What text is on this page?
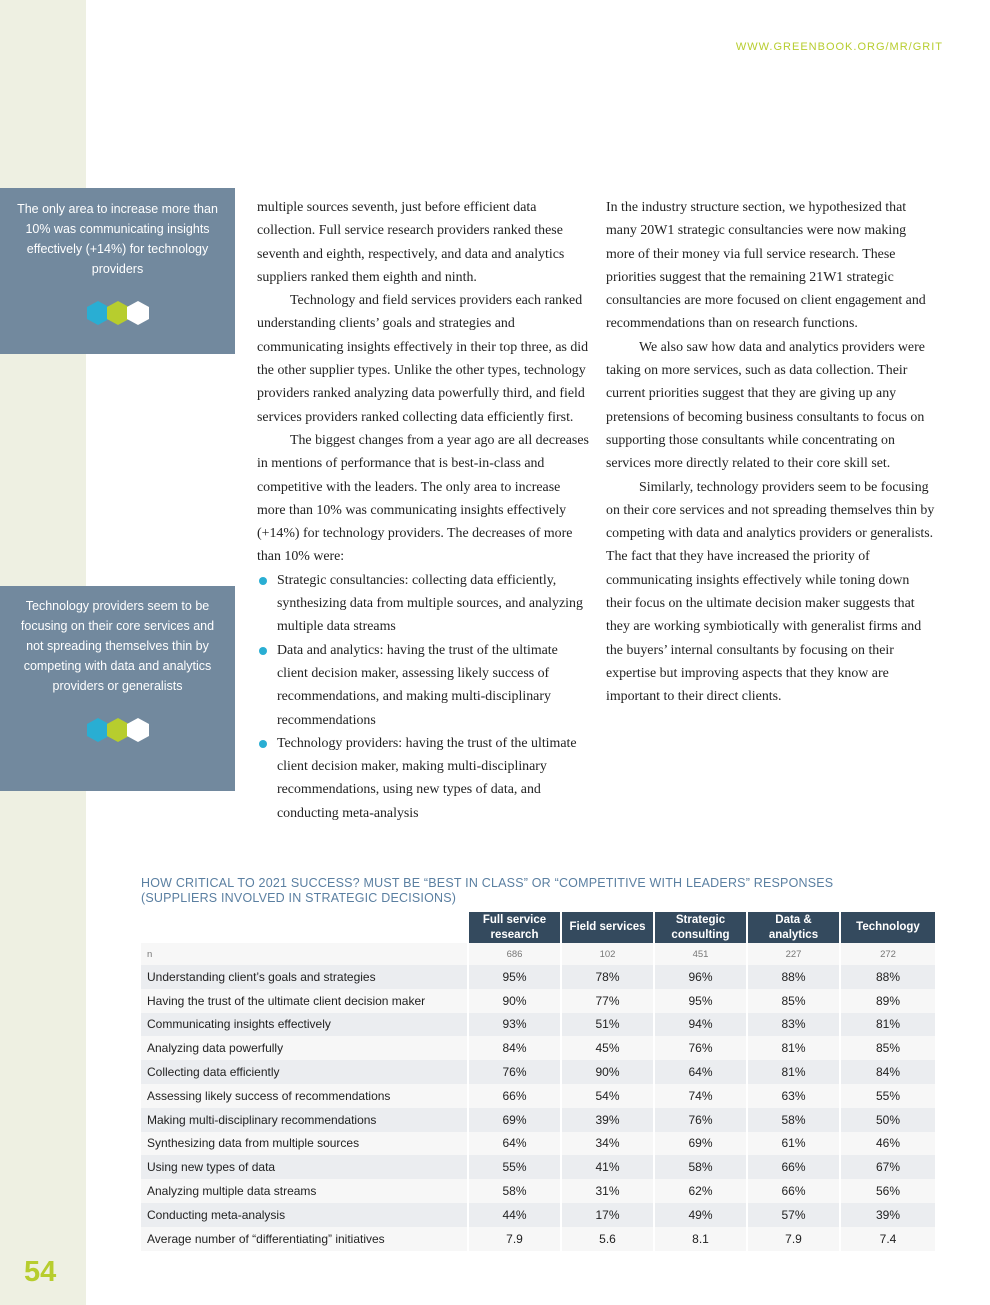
WWW.GREENBOOK.ORG/MR/GRIT

The only area to increase more than 10% was communicating insights effectively (+14%) for technology providers

Technology providers seem to be focusing on their core services and not spreading themselves thin by competing with data and analytics providers or generalists

multiple sources seventh, just before efficient data collection. Full service research providers ranked these seventh and eighth, respectively, and data and analytics suppliers ranked them eighth and ninth.

Technology and field services providers each ranked understanding clients’ goals and strategies and communicating insights effectively in their top three, as did the other supplier types. Unlike the other types, technology providers ranked analyzing data powerfully third, and field services providers ranked collecting data efficiently first.

The biggest changes from a year ago are all decreases in mentions of performance that is best-in-class and competitive with the leaders. The only area to increase more than 10% was communicating insights effectively (+14%) for technology providers. The decreases of more than 10% were:

Strategic consultancies: collecting data efficiently, synthesizing data from multiple sources, and analyzing multiple data streams
Data and analytics: having the trust of the ultimate client decision maker, assessing likely success of recommendations, and making multi-disciplinary recommendations
Technology providers: having the trust of the ultimate client decision maker, making multi-disciplinary recommendations, using new types of data, and conducting meta-analysis

In the industry structure section, we hypothesized that many 20W1 strategic consultancies were now making more of their money via full service research. These priorities suggest that the remaining 21W1 strategic consultancies are more focused on client engagement and recommendations than on research functions.

We also saw how data and analytics providers were taking on more services, such as data collection. Their current priorities suggest that they are giving up any pretensions of becoming business consultants to focus on supporting those consultants while concentrating on services more directly related to their core skill set.

Similarly, technology providers seem to be focusing on their core services and not spreading themselves thin by competing with data and analytics providers or generalists. The fact that they have increased the priority of communicating insights effectively while toning down their focus on the ultimate decision maker suggests that they are working symbiotically with generalist firms and the buyers’ internal consultants by focusing on their expertise but improving aspects that they know are important to their direct clients.

HOW CRITICAL TO 2021 SUCCESS? MUST BE “BEST IN CLASS” OR “COMPETITIVE WITH LEADERS” RESPONSES
(SUPPLIERS INVOLVED IN STRATEGIC DECISIONS)
	Full service research	Field services	Strategic consulting	Data & analytics	Technology
n	686	102	451	227	272
Understanding client’s goals and strategies	95%	78%	96%	88%	88%
Having the trust of the ultimate client decision maker	90%	77%	95%	85%	89%
Communicating insights effectively	93%	51%	94%	83%	81%
Analyzing data powerfully	84%	45%	76%	81%	85%
Collecting data efficiently	76%	90%	64%	81%	84%
Assessing likely success of recommendations	66%	54%	74%	63%	55%
Making multi-disciplinary recommendations	69%	39%	76%	58%	50%
Synthesizing data from multiple sources	64%	34%	69%	61%	46%
Using new types of data	55%	41%	58%	66%	67%
Analyzing multiple data streams	58%	31%	62%	66%	56%
Conducting meta-analysis	44%	17%	49%	57%	39%
Average number of “differentiating” initiatives	7.9	5.6	8.1	7.9	7.4
54
